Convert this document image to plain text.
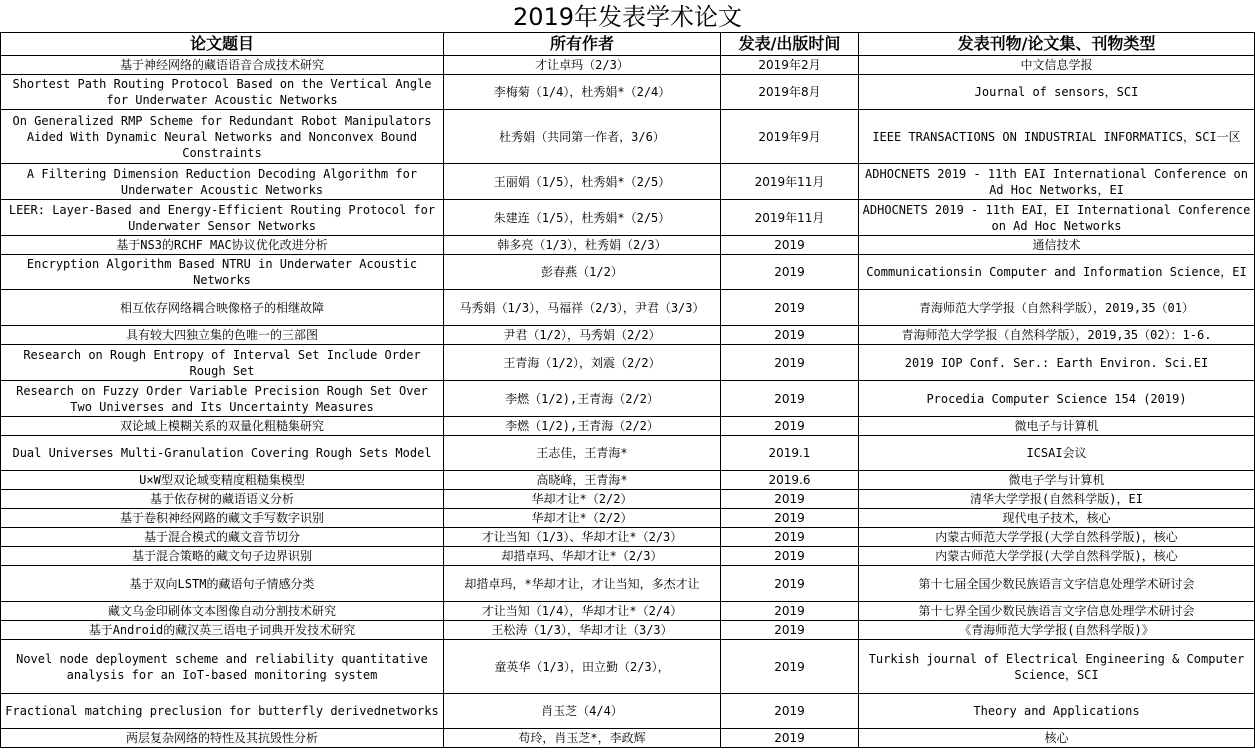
2019年发表学术论文
论文题目	所有作者	发表/出版时间	发表刊物/论文集、刊物类型
基于神经网络的藏语语音合成技术研究	才让卓玛（2/3）	2019年2月	中文信息学报
Shortest Path Routing Protocol Based on the Vertical Angle for Underwater Acoustic Networks	李梅菊（1/4），杜秀娟*（2/4）	2019年8月	Journal of sensors，SCI
On Generalized RMP Scheme for Redundant Robot Manipulators Aided With Dynamic Neural Networks and Nonconvex Bound Constraints	杜秀娟（共同第一作者，3/6）	2019年9月	IEEE TRANSACTIONS ON INDUSTRIAL INFORMATICS，SCI一区
A Filtering Dimension Reduction Decoding Algorithm for Underwater Acoustic Networks	王丽娟（1/5），杜秀娟*（2/5）	2019年11月	ADHOCNETS 2019 - 11th EAI International Conference on Ad Hoc Networks，EI
LEER: Layer-Based and Energy-Efficient Routing Protocol for Underwater Sensor Networks	朱建连（1/5），杜秀娟*（2/5）	2019年11月	ADHOCNETS 2019 - 11th EAI，EI International Conference on Ad Hoc Networks
基于NS3的RCHF MAC协议优化改进分析	韩多亮（1/3），杜秀娟（2/3）	2019	通信技术
Encryption Algorithm Based NTRU in Underwater Acoustic Networks	彭春燕（1/2）	2019	Communicationsin Computer and Information Science，EI
相互依存网络耦合映像格子的相继故障	马秀娟（1/3），马福祥（2/3），尹君（3/3）	2019	青海师范大学学报（自然科学版），2019,35（01）
具有较大四独立集的色唯一的三部图	尹君（1/2），马秀娟（2/2）	2019	青海师范大学学报（自然科学版），2019,35（02）：1-6.
Research on Rough Entropy of Interval Set Include Order Rough Set	王青海（1/2），刘震（2/2）	2019	2019 IOP Conf. Ser.: Earth Environ. Sci.EI
Research on Fuzzy Order Variable Precision Rough Set Over Two Universes and Its Uncertainty Measures	李燃（1/2),王青海（2/2）	2019	Procedia Computer Science 154 (2019)
双论域上模糊关系的双量化粗糙集研究	李燃（1/2),王青海（2/2）	2019	微电子与计算机
Dual Universes Multi-Granulation Covering Rough Sets Model	王志佳，王青海*	2019.1	ICSAI会议
U×W型双论域变精度粗糙集模型	高晓峰，王青海*	2019.6	微电子学与计算机
基于依存树的藏语语义分析	华却才让*（2/2）	2019	清华大学学报(自然科学版)，EI
基于卷积神经网路的藏文手写数字识别	华却才让*（2/2）	2019	现代电子技术，核心
基于混合模式的藏文音节切分	才让当知（1/3）、华却才让*（2/3）	2019	内蒙古师范大学学报(大学自然科学版)，核心
基于混合策略的藏文句子边界识别	却措卓玛、华却才让*（2/3）	2019	内蒙古师范大学学报(大学自然科学版)，核心
基于双向LSTM的藏语句子情感分类	却措卓玛，*华却才让，才让当知，多杰才让	2019	第十七届全国少数民族语言文字信息处理学术研讨会
藏文乌金印刷体文本图像自动分割技术研究	才让当知（1/4），华却才让*（2/4）	2019	第十七界全国少数民族语言文字信息处理学术研讨会
基于Android的藏汉英三语电子词典开发技术研究	王松涛（1/3），华却才让（3/3）	2019	《青海师范大学学报(自然科学版)》
Novel node deployment scheme and reliability quantitative analysis for an IoT-based monitoring system	童英华（1/3），田立勤（2/3），	2019	Turkish journal of Electrical Engineering & Computer Science，SCI
Fractional matching preclusion for butterfly derivednetworks	肖玉芝（4/4）	2019	Theory and Applications
两层复杂网络的特性及其抗毁性分析	苟玲，肖玉芝*，李政辉	2019	核心
